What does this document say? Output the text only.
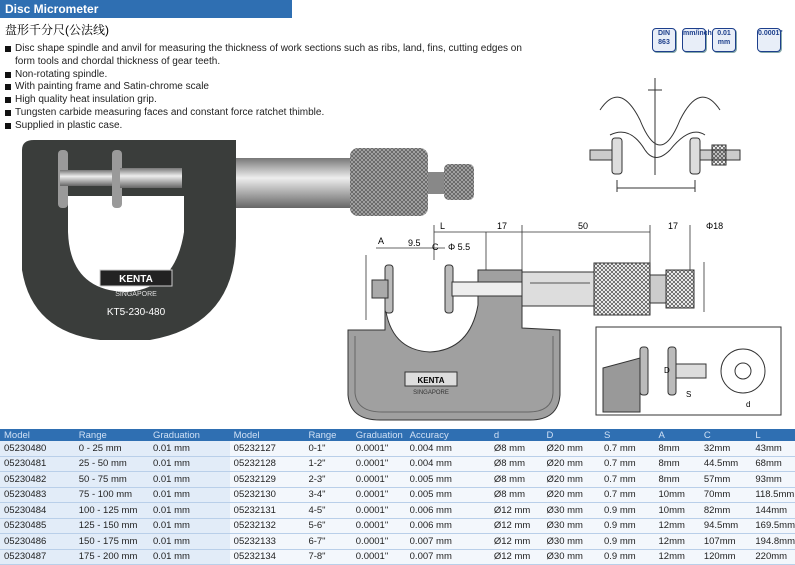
Disc Micrometer
盘形千分尺(公法线)
Disc shape spindle and anvil for measuring the thickness of work sections such as ribs, land, fins, cutting edges on form tools and chordal thickness of gear teeth.
Non-rotating spindle.
With painting frame and Satin-chrome scale
High quality heat insulation grip.
Tungsten carbide measuring faces and constant force ratchet thimble.
Supplied in plastic case.
DIN 863
mm/inch 0.01 mm
0.0001"
KENTA
SINGAPORE
KT5-230-480
KENTA
SINGAPORE
A
L	17	50	17	Φ18
9.5 C Φ 5.5
D
S
d
Model	Range	Graduation	Model	Range	Graduation	Accuracy	d	D	S	A	C	L
05230480	0 - 25 mm	0.01 mm	05232127	0-1"	0.0001"	0.004 mm	Ø8 mm	Ø20 mm	0.7 mm	8mm	32mm	43mm
05230481	25 - 50 mm	0.01 mm	05232128	1-2"	0.0001"	0.004 mm	Ø8 mm	Ø20 mm	0.7 mm	8mm	44.5mm	68mm
05230482	50 - 75 mm	0.01 mm	05232129	2-3"	0.0001"	0.005 mm	Ø8 mm	Ø20 mm	0.7 mm	8mm	57mm	93mm
05230483	75 - 100 mm	0.01 mm	05232130	3-4"	0.0001"	0.005 mm	Ø8 mm	Ø20 mm	0.7 mm	10mm	70mm	118.5mm
05230484	100 - 125 mm	0.01 mm	05232131	4-5"	0.0001"	0.006 mm	Ø12 mm	Ø30 mm	0.9 mm	10mm	82mm	144mm
05230485	125 - 150 mm	0.01 mm	05232132	5-6"	0.0001"	0.006 mm	Ø12 mm	Ø30 mm	0.9 mm	12mm	94.5mm	169.5mm
05230486	150 - 175 mm	0.01 mm	05232133	6-7"	0.0001"	0.007 mm	Ø12 mm	Ø30 mm	0.9 mm	12mm	107mm	194.8mm
05230487	175 - 200 mm	0.01 mm	05232134	7-8"	0.0001"	0.007 mm	Ø12 mm	Ø30 mm	0.9 mm	12mm	120mm	220mm
